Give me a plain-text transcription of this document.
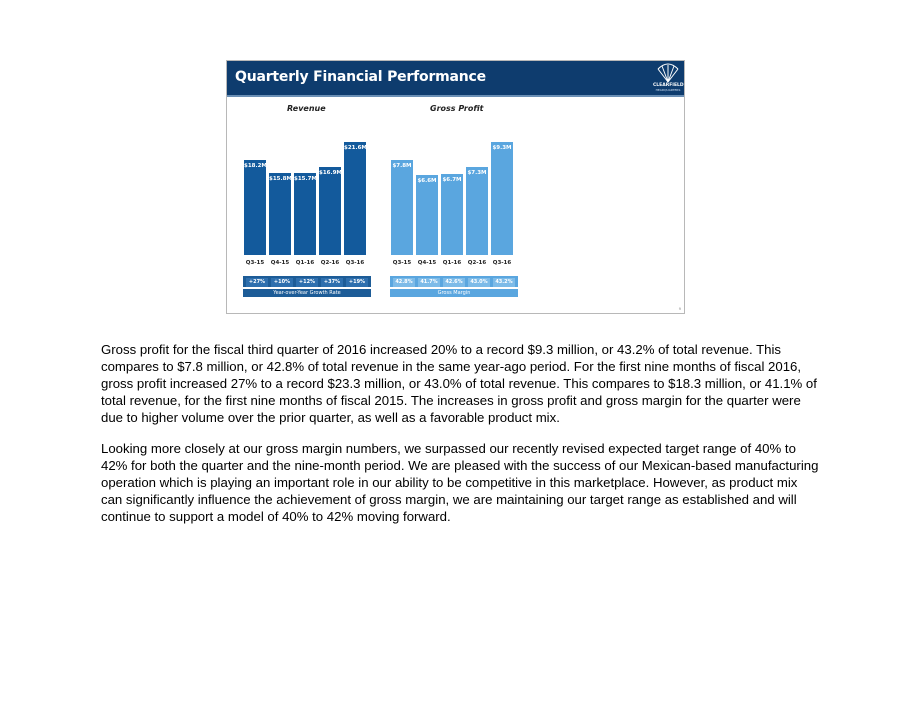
Quarterly Financial Performance
CLEARFIELD
HEADQUARTERS
Revenue	Gross Profit
$18.2M
Q3-15
$15.8M
Q4-15
$15.7M
Q1-16
$16.9M
Q2-16
$21.6M
Q3-16
$7.8M
Q3-15
$6.6M
Q4-15
$6.7M
Q1-16
$7.3M
Q2-16
$9.3M
Q3-16
+27%	+10%	+12%	+37%	+19%
Year-over-Year Growth Rate
42.8%	41.7%	42.6%	43.0%	43.2%
Gross Margin
9
Gross profit for the fiscal third quarter of 2016 increased 20% to a record $9.3 million, or 43.2% of total revenue. This compares to $7.8 million, or 42.8% of total revenue in the same year-ago period. For the first nine months of fiscal 2016, gross profit increased 27% to a record $23.3 million, or 43.0% of total revenue. This compares to $18.3 million, or 41.1% of total revenue, for the first nine months of fiscal 2015. The increases in gross profit and gross margin for the quarter were due to higher volume over the prior quarter, as well as a favorable product mix.
Looking more closely at our gross margin numbers, we surpassed our recently revised expected target range of 40% to 42% for both the quarter and the nine-month period. We are pleased with the success of our Mexican-based manufacturing operation which is playing an important role in our ability to be competitive in this marketplace. However, as product mix can significantly influence the achievement of gross margin, we are maintaining our target range as established and will continue to support a model of 40% to 42% moving forward.
